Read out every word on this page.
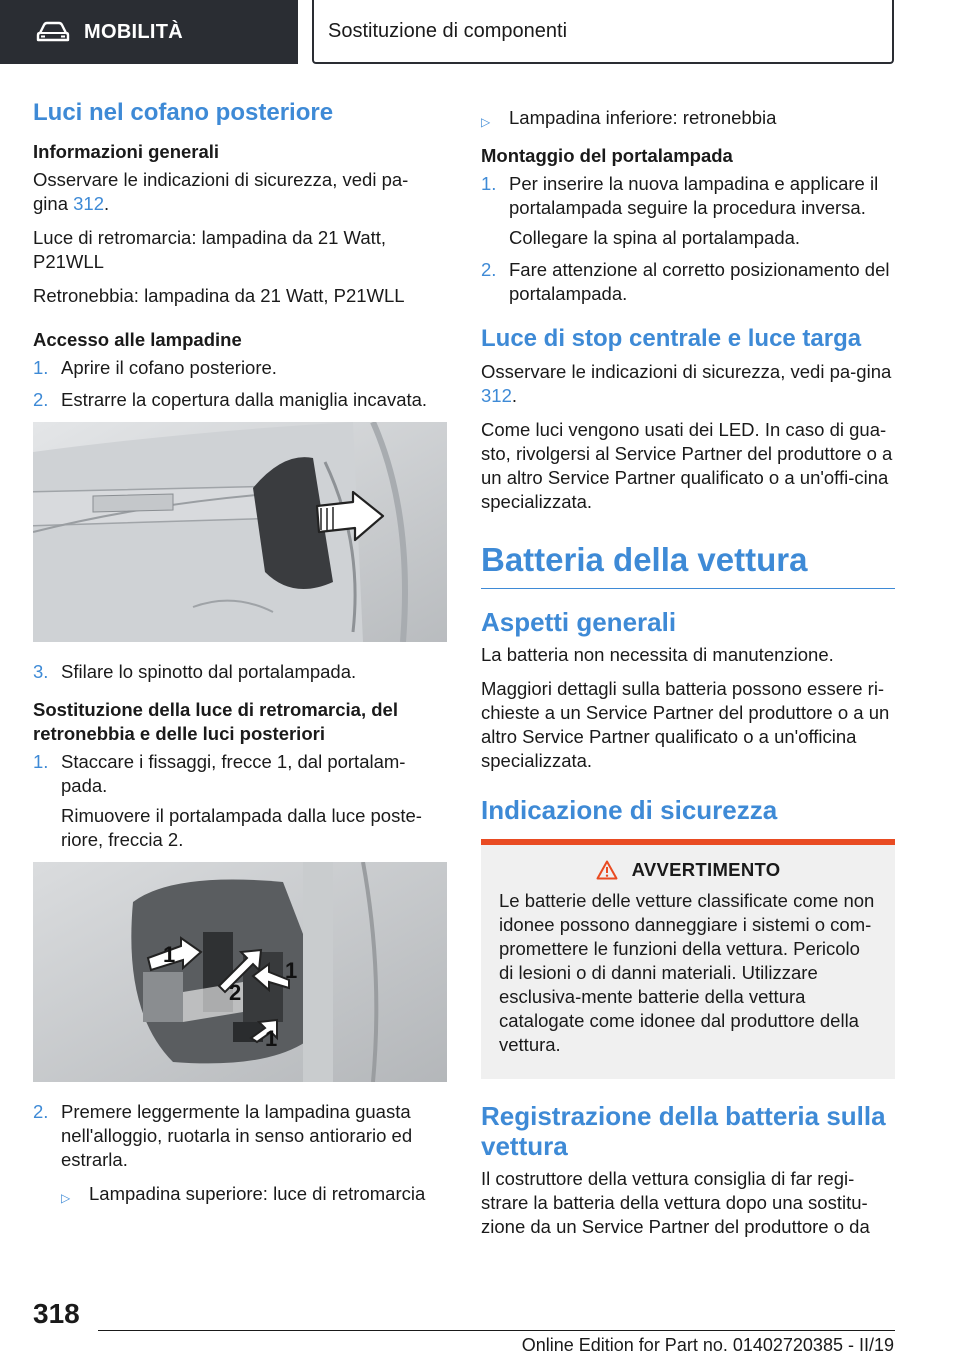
MOBILITÀ	Sostituzione di componenti
Luci nel cofano posteriore
Informazioni generali

Osservare le indicazioni di sicurezza, vedi pa-gina 312.

Luce di retromarcia: lampadina da 21 Watt, P21WLL

Retronebbia: lampadina da 21 Watt, P21WLL

Accesso alle lampadine
1. Aprire il cofano posteriore.
2. Estrarre la copertura dalla maniglia incavata.
3. Sfilare lo spinotto dal portalampada.
Sostituzione della luce di retromarcia, del retronebbia e delle luci posteriori
1. Staccare i fissaggi, frecce 1, dal portalam-pada.
Rimuovere il portalampada dalla luce poste-riore, freccia 2.
1
1
2
1
2. Premere leggermente la lampadina guasta nell'alloggio, ruotarla in senso antiorario ed estrarla.
▷ Lampadina superiore: luce di retromarcia
▷ Lampadina inferiore: retronebbia
Montaggio del portalampada
1. Per inserire la nuova lampadina e applicare il portalampada seguire la procedura inversa.
Collegare la spina al portalampada.
2. Fare attenzione al corretto posizionamento del portalampada.
Luce di stop centrale e luce targa

Osservare le indicazioni di sicurezza, vedi pa-gina 312.

Come luci vengono usati dei LED. In caso di gua-sto, rivolgersi al Service Partner del produttore o a un altro Service Partner qualificato o a un'offi-cina specializzata.

Batteria della vettura
Aspetti generali

La batteria non necessita di manutenzione.

Maggiori dettagli sulla batteria possono essere ri-chieste a un Service Partner del produttore o a un altro Service Partner qualificato o a un'officina specializzata.

Indicazione di sicurezza
AVVERTIMENTO

Le batterie delle vetture classificate come non idonee possono danneggiare i sistemi o com-promettere le funzioni della vettura. Pericolo di lesioni o di danni materiali. Utilizzare esclusiva-mente batterie della vettura catalogate come idonee dal produttore della vettura.

Registrazione della batteria sulla vettura

Il costruttore della vettura consiglia di far regi-strare la batteria della vettura dopo una sostitu-zione da un Service Partner del produttore o da

318
Online Edition for Part no. 01402720385 - II/19
